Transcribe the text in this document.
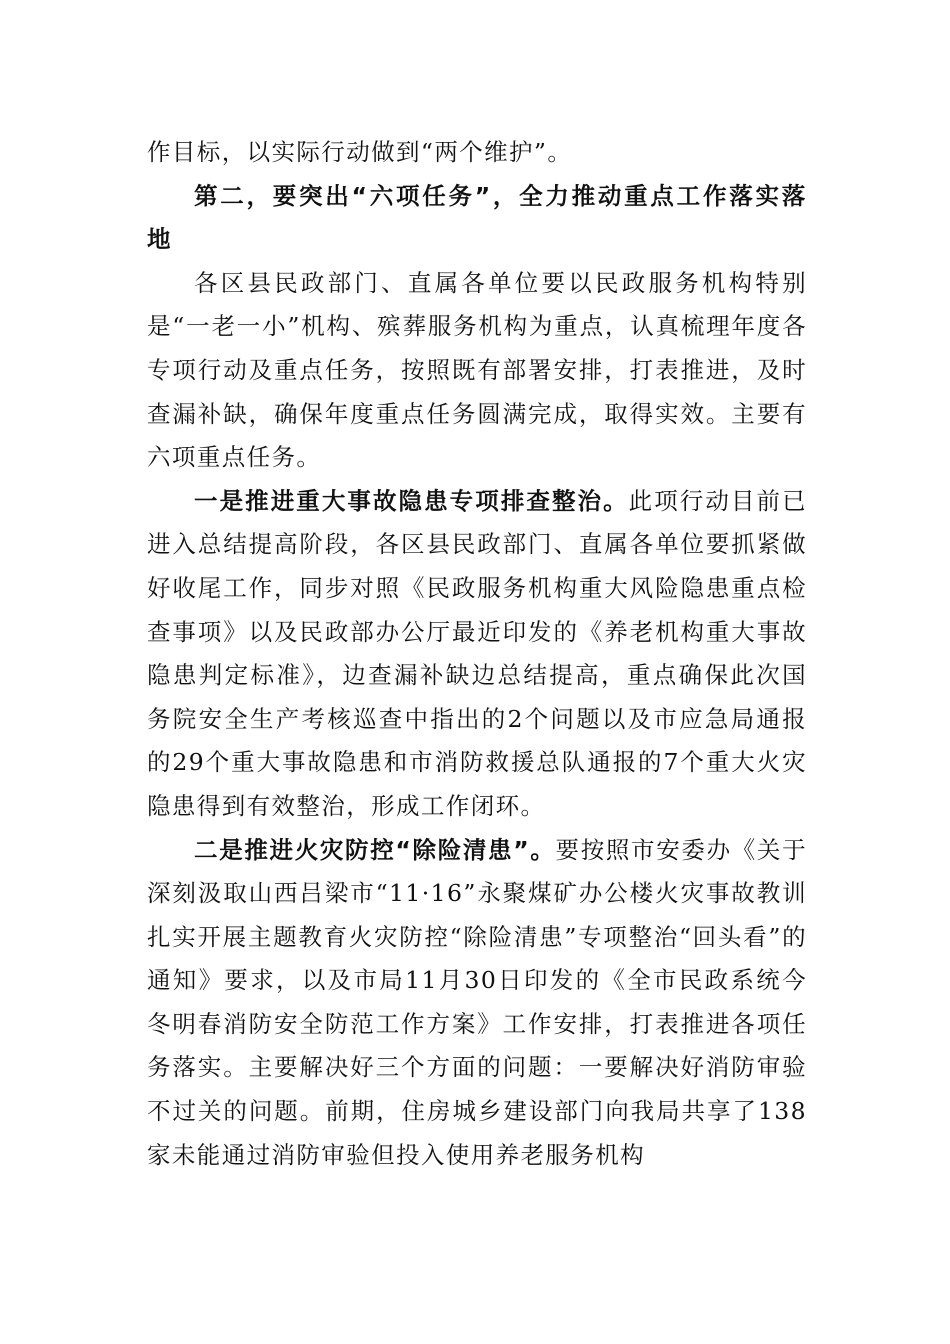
作目标，以实际行动做到“两个维护”。

第二，要突出“六项任务”，全力推动重点工作落实落地

各区县民政部门、直属各单位要以民政服务机构特别是“一老一小”机构、殡葬服务机构为重点，认真梳理年度各专项行动及重点任务，按照既有部署安排，打表推进，及时查漏补缺，确保年度重点任务圆满完成，取得实效。主要有六项重点任务。

一是推进重大事故隐患专项排查整治。此项行动目前已进入总结提高阶段，各区县民政部门、直属各单位要抓紧做好收尾工作，同步对照《民政服务机构重大风险隐患重点检查事项》以及民政部办公厅最近印发的《养老机构重大事故隐患判定标准》，边查漏补缺边总结提高，重点确保此次国务院安全生产考核巡查中指出的2个问题以及市应急局通报的29个重大事故隐患和市消防救援总队通报的7个重大火灾隐患得到有效整治，形成工作闭环。

二是推进火灾防控“除险清患”。要按照市安委办《关于深刻汲取山西吕梁市“11·16”永聚煤矿办公楼火灾事故教训 扎实开展主题教育火灾防控“除险清患”专项整治“回头看”的通知》要求，以及市局11月30日印发的《全市民政系统今冬明春消防安全防范工作方案》工作安排，打表推进各项任务落实。主要解决好三个方面的问题：一要解决好消防审验不过关的问题。前期，住房城乡建设部门向我局共享了138家未能通过消防审验但投入使用养老服务机构
